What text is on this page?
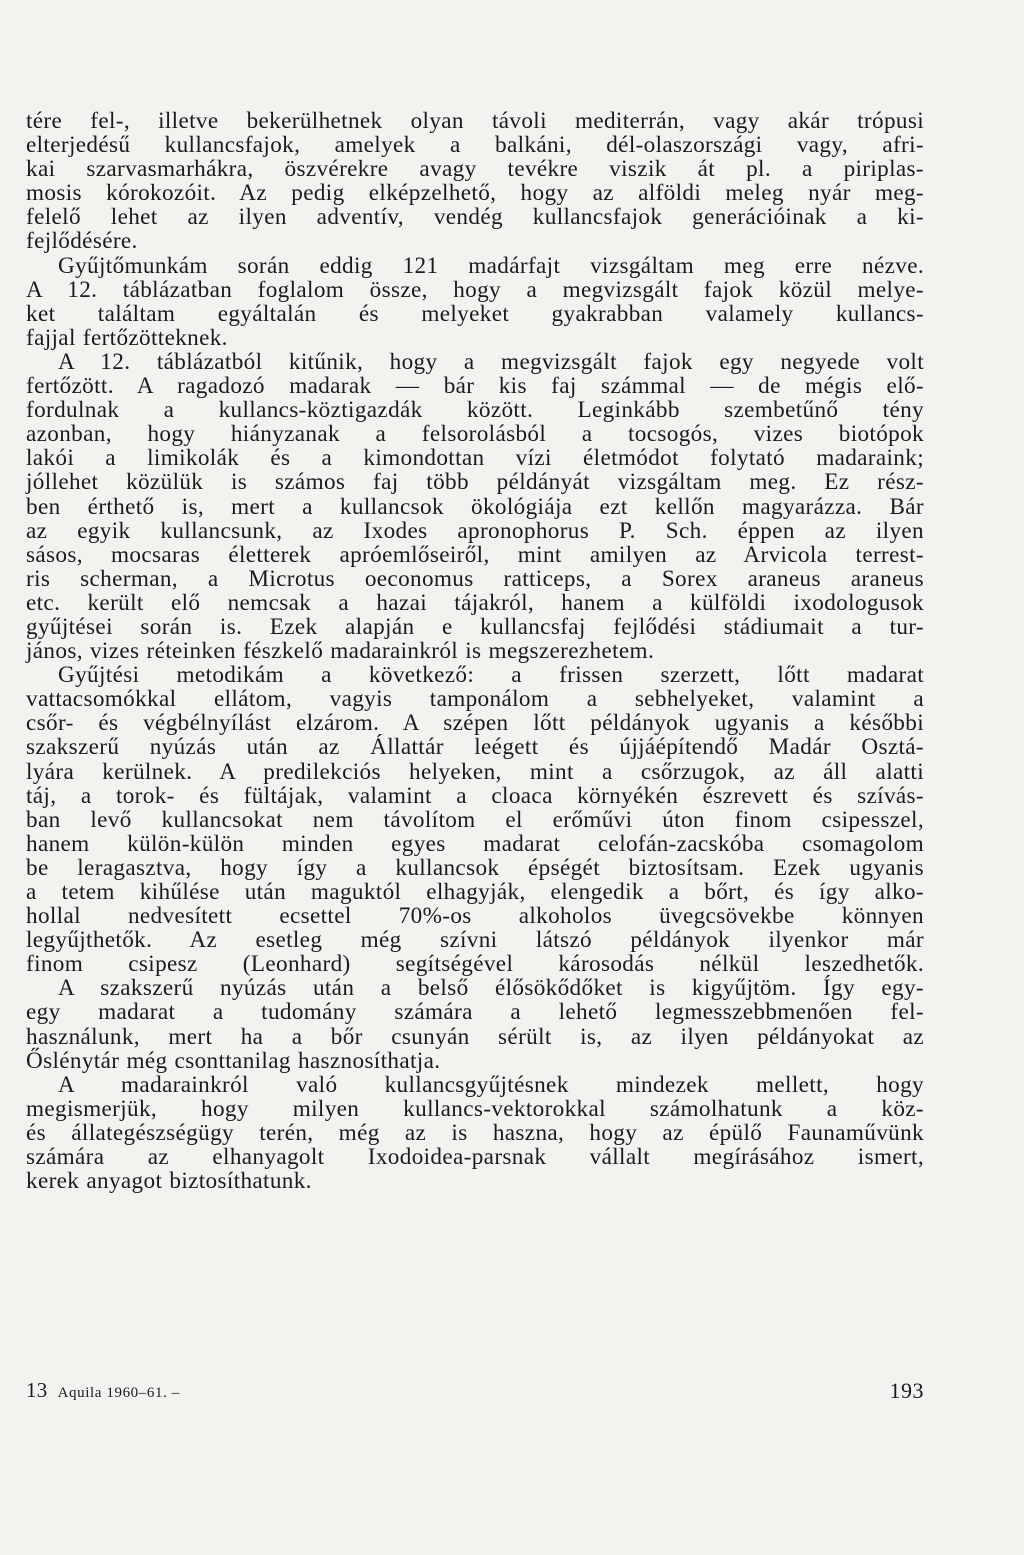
tére fel-, illetve bekerülhetnek olyan távoli mediterrán, vagy akár trópusi
elterjedésű kullancsfajok, amelyek a balkáni, dél-olaszországi vagy, afri-
kai szarvasmarhákra, öszvérekre avagy tevékre viszik át pl. a piriplas-
mosis kórokozóit. Az pedig elképzelhető, hogy az alföldi meleg nyár meg-
felelő lehet az ilyen adventív, vendég kullancsfajok generációinak a ki-
fejlődésére.
Gyűjtőmunkám során eddig 121 madárfajt vizsgáltam meg erre nézve.
A 12. táblázatban foglalom össze, hogy a megvizsgált fajok közül melye-
ket találtam egyáltalán és melyeket gyakrabban valamely kullancs-
fajjal fertőzötteknek.
A 12. táblázatból kitűnik, hogy a megvizsgált fajok egy negyede volt
fertőzött. A ragadozó madarak — bár kis faj számmal — de mégis elő-
fordulnak a kullancs-köztigazdák között. Leginkább szembetűnő tény
azonban, hogy hiányzanak a felsorolásból a tocsogós, vizes biotópok
lakói a limikolák és a kimondottan vízi életmódot folytató madaraink;
jóllehet közülük is számos faj több példányát vizsgáltam meg. Ez rész-
ben érthető is, mert a kullancsok ökológiája ezt kellőn magyarázza. Bár
az egyik kullancsunk, az Ixodes apronophorus P. Sch. éppen az ilyen
sásos, mocsaras életterek apróemlőseiről, mint amilyen az Arvicola terrest-
ris scherman, a Microtus oeconomus ratticeps, a Sorex araneus araneus
etc. került elő nemcsak a hazai tájakról, hanem a külföldi ixodologusok
gyűjtései során is. Ezek alapján e kullancsfaj fejlődési stádiumait a tur-
jános, vizes réteinken fészkelő madarainkról is megszerezhetem.
Gyűjtési metodikám a következő: a frissen szerzett, lőtt madarat
vattacsomókkal ellátom, vagyis tamponálom a sebhelyeket, valamint a
csőr- és végbélnyílást elzárom. A szépen lőtt példányok ugyanis a későbbi
szakszerű nyúzás után az Állattár leégett és újjáépítendő Madár Osztá-
lyára kerülnek. A predilekciós helyeken, mint a csőrzugok, az áll alatti
táj, a torok- és fültájak, valamint a cloaca környékén észrevett és szívás-
ban levő kullancsokat nem távolítom el erőművi úton finom csipesszel,
hanem külön-külön minden egyes madarat celofán-zacskóba csomagolom
be leragasztva, hogy így a kullancsok épségét biztosítsam. Ezek ugyanis
a tetem kihűlése után maguktól elhagyják, elengedik a bőrt, és így alko-
hollal nedvesített ecsettel 70%-os alkoholos üvegcsövekbe könnyen
legyűjthetők. Az esetleg még szívni látszó példányok ilyenkor már
finom csipesz (Leonhard) segítségével károsodás nélkül leszedhetők.
A szakszerű nyúzás után a belső élősökődőket is kigyűjtöm. Így egy-
egy madarat a tudomány számára a lehető legmesszebbmenően fel-
használunk, mert ha a bőr csunyán sérült is, az ilyen példányokat az
Őslénytár még csonttanilag hasznosíthatja.
A madarainkról való kullancsgyűjtésnek mindezek mellett, hogy
megismerjük, hogy milyen kullancs-vektorokkal számolhatunk a köz-
és állategészségügy terén, még az is haszna, hogy az épülő Faunaművünk
számára az elhanyagolt Ixodoidea-parsnak vállalt megírásához ismert,
kerek anyagot biztosíthatunk.
13 Aquila 1960–61. –	193
